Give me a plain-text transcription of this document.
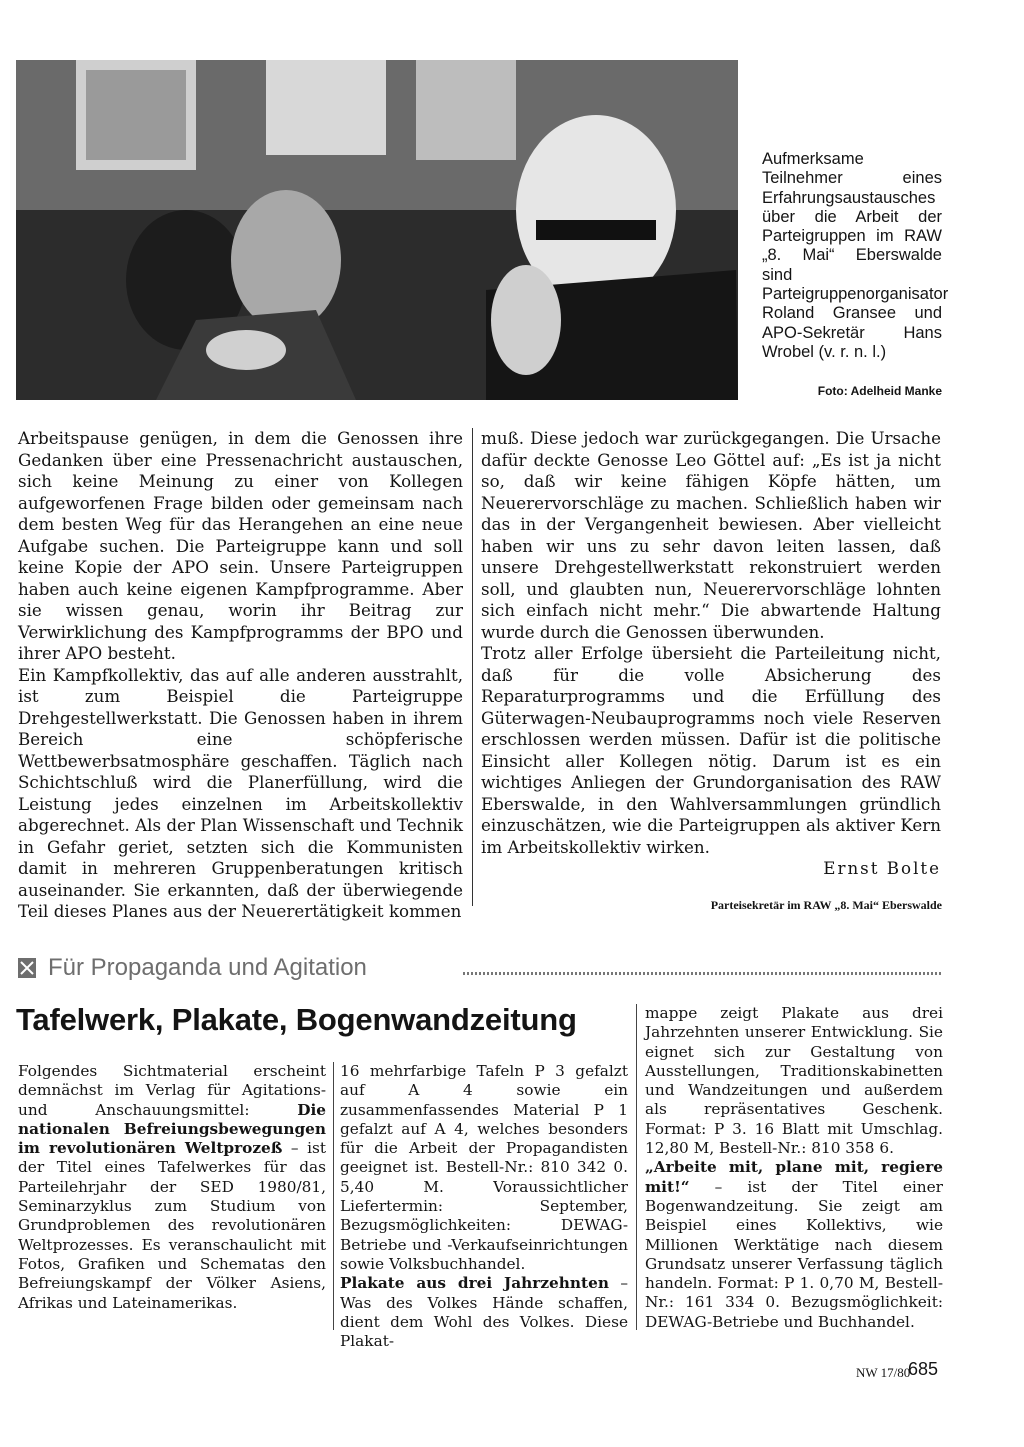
Aufmerksame Teilnehmer eines Erfahrungsaustausches über die Arbeit der Parteigruppen im RAW „8. Mai“ Eberswalde sind Parteigruppenorganisator Roland Gransee und APO-Sekretär Hans Wrobel (v. r. n. l.)
Foto: Adelheid Manke

Arbeitspause genügen, in dem die Genossen ihre Gedanken über eine Pressenachricht austauschen, sich keine Meinung zu einer von Kollegen aufgeworfenen Frage bilden oder gemeinsam nach dem besten Weg für das Herangehen an eine neue Aufgabe suchen. Die Parteigruppe kann und soll keine Kopie der APO sein. Unsere Parteigruppen haben auch keine eigenen Kampfprogramme. Aber sie wissen genau, worin ihr Beitrag zur Verwirklichung des Kampfprogramms der BPO und ihrer APO besteht.

Ein Kampfkollektiv, das auf alle anderen ausstrahlt, ist zum Beispiel die Parteigruppe Drehgestellwerkstatt. Die Genossen haben in ihrem Bereich eine schöpferische Wettbewerbsatmosphäre geschaffen. Täglich nach Schichtschluß wird die Planerfüllung, wird die Leistung jedes einzelnen im Arbeitskollektiv abgerechnet. Als der Plan Wissenschaft und Technik in Gefahr geriet, setzten sich die Kommunisten damit in mehreren Gruppenberatungen kritisch auseinander. Sie erkannten, daß der überwiegende Teil dieses Planes aus der Neuerertätigkeit kommen

muß. Diese jedoch war zurückgegangen. Die Ursache dafür deckte Genosse Leo Göttel auf: „Es ist ja nicht so, daß wir keine fähigen Köpfe hätten, um Neuerervorschläge zu machen. Schließlich haben wir das in der Vergangenheit bewiesen. Aber vielleicht haben wir uns zu sehr davon leiten lassen, daß unsere Drehgestellwerkstatt rekonstruiert werden soll, und glaubten nun, Neuerervorschläge lohnten sich einfach nicht mehr.“ Die abwartende Haltung wurde durch die Genossen überwunden.

Trotz aller Erfolge übersieht die Parteileitung nicht, daß für die volle Absicherung des Reparaturprogramms und die Erfüllung des Güterwagen-Neubauprogramms noch viele Reserven erschlossen werden müssen. Dafür ist die politische Einsicht aller Kollegen nötig. Darum ist es ein wichtiges Anliegen der Grundorganisation des RAW Eberswalde, in den Wahlversammlungen gründlich einzuschätzen, wie die Parteigruppen als aktiver Kern im Arbeitskollektiv wirken.

Ernst Bolte

Parteisekretär im RAW „8. Mai“ Eberswalde
Für Propaganda und Agitation
Tafelwerk, Plakate, Bogenwandzeitung

Folgendes Sichtmaterial erscheint demnächst im Verlag für Agitations- und Anschauungsmittel:	Die nationalen Befreiungsbewegungen im revolutionären Weltprozeß – ist der Titel eines Tafelwerkes für das Parteilehrjahr der SED 1980/81, Seminarzyklus zum Studium von Grundproblemen des revolutionären Weltprozesses. Es veranschaulicht mit Fotos, Grafiken und Schematas den Befreiungskampf der Völker Asiens, Afrikas und Lateinamerikas.

16 mehrfarbige Tafeln P 3 gefalzt auf A 4 sowie ein zusammenfassendes Material P 1 gefalzt auf A 4, welches besonders für die Arbeit der Propagandisten geeignet ist. Bestell-Nr.: 810 342 0. 5,40 M. Voraussichtlicher Liefertermin: September, Bezugsmöglichkeiten: DEWAG-Betriebe und -Verkaufseinrichtungen sowie Volksbuchhandel.

Plakate aus drei Jahrzehnten – Was des Volkes Hände schaffen, dient dem Wohl des Volkes. Diese Plakat-

mappe zeigt Plakate aus drei Jahrzehnten unserer Entwicklung. Sie eignet sich zur Gestaltung von Ausstellungen, Traditionskabinetten und Wandzeitungen und außerdem als repräsentatives Geschenk. Format: P 3. 16 Blatt mit Umschlag. 12,80 M, Bestell-Nr.: 810 358 6.

„Arbeite mit, plane mit, regiere mit!“ – ist der Titel einer Bogenwandzeitung. Sie zeigt am Beispiel eines Kollektivs, wie Millionen Werktätige nach diesem Grundsatz unserer Verfassung täglich handeln. Format: P 1. 0,70 M, Bestell-Nr.: 161 334 0. Bezugsmöglichkeit: DEWAG-Betriebe und Buchhandel.

NW 17/80
685
